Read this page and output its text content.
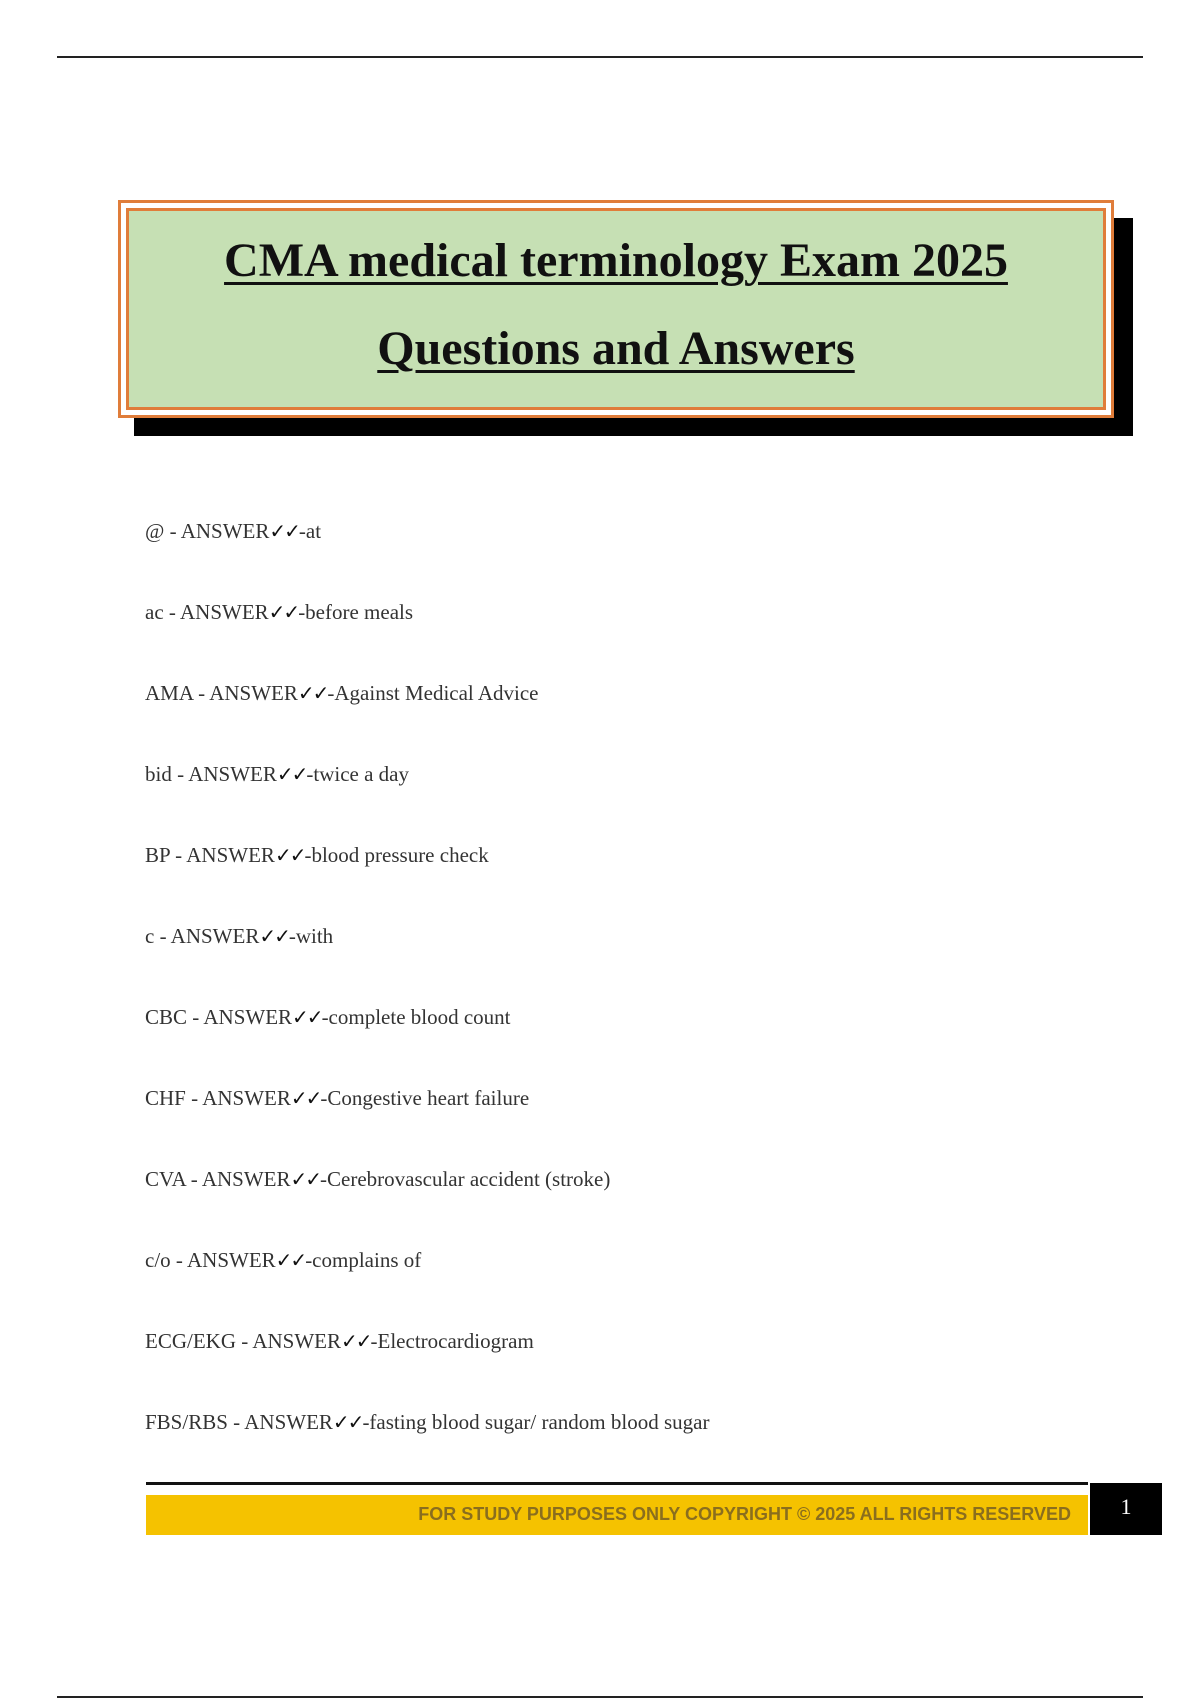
CMA medical terminology Exam 2025
Questions and Answers
@ - ANSWER✓✓-at
ac - ANSWER✓✓-before meals
AMA - ANSWER✓✓-Against Medical Advice
bid - ANSWER✓✓-twice a day
BP - ANSWER✓✓-blood pressure check
c - ANSWER✓✓-with
CBC - ANSWER✓✓-complete blood count
CHF - ANSWER✓✓-Congestive heart failure
CVA - ANSWER✓✓-Cerebrovascular accident (stroke)
c/o - ANSWER✓✓-complains of
ECG/EKG - ANSWER✓✓-Electrocardiogram
FBS/RBS - ANSWER✓✓-fasting blood sugar/ random blood sugar
FOR STUDY PURPOSES ONLY COPYRIGHT © 2025 ALL RIGHTS RESERVED	1
